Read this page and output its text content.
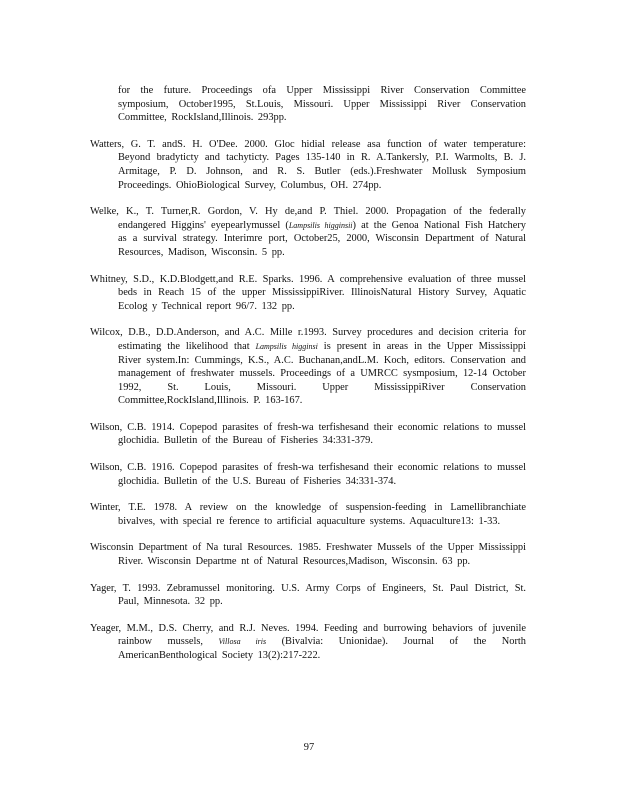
for the future. Proceedings ofa Upper Mississippi River Conservation Committee symposium, October1995, St.Louis, Missouri. Upper Mississippi River Conservation Committee, RockIsland,Illinois. 293pp.

Watters, G. T. andS. H. O'Dee. 2000. Gloc hidial release asa function of water temperature: Beyond bradyticty and tachyticty. Pages 135-140 in R. A.Tankersly, P.I. Warmolts, B. J. Armitage, P. D. Johnson, and R. S. Butler (eds.).Freshwater Mollusk Symposium Proceedings. OhioBiological Survey, Columbus, OH. 274pp.

Welke, K., T. Turner,R. Gordon, V. Hy de,and P. Thiel. 2000. Propagation of the federally endangered Higgins' eyepearlymussel (Lampsilis higginsii) at the Genoa National Fish Hatchery as a survival strategy. Interimre port, October25, 2000, Wisconsin Department of Natural Resources, Madison, Wisconsin. 5 pp.

Whitney, S.D., K.D.Blodgett,and R.E. Sparks. 1996. A comprehensive evaluation of three mussel beds in Reach 15 of the upper MississippiRiver. IllinoisNatural History Survey, Aquatic Ecolog y Technical report 96/7. 132 pp.

Wilcox, D.B., D.D.Anderson, and A.C. Mille r.1993. Survey procedures and decision criteria for estimating the likelihood that Lampsilis higginsi is present in areas in the Upper Mississippi River system.In: Cummings, K.S., A.C. Buchanan,andL.M. Koch, editors. Conservation and management of freshwater mussels. Proceedings of a UMRCC sysmposium, 12-14 October 1992, St. Louis, Missouri. Upper MississippiRiver Conservation Committee,RockIsland,Illinois. P. 163-167.

Wilson, C.B. 1914. Copepod parasites of fresh-wa terfishesand their economic relations to mussel glochidia. Bulletin of the Bureau of Fisheries 34:331-379.

Wilson, C.B. 1916. Copepod parasites of fresh-wa terfishesand their economic relations to mussel glochidia. Bulletin of the U.S. Bureau of Fisheries 34:331-374.

Winter, T.E. 1978. A review on the knowledge of suspension-feeding in Lamellibranchiate bivalves, with special re ference to artificial aquaculture systems. Aquaculture13: 1-33.

Wisconsin Department of Na tural Resources. 1985. Freshwater Mussels of the Upper Mississippi River. Wisconsin Departme nt of Natural Resources,Madison, Wisconsin. 63 pp.

Yager, T. 1993. Zebramussel monitoring. U.S. Army Corps of Engineers, St. Paul District, St. Paul, Minnesota. 32 pp.

Yeager, M.M., D.S. Cherry, and R.J. Neves. 1994. Feeding and burrowing behaviors of juvenile rainbow mussels, Villosa iris (Bivalvia: Unionidae). Journal of the North AmericanBenthological Society 13(2):217-222.

97
